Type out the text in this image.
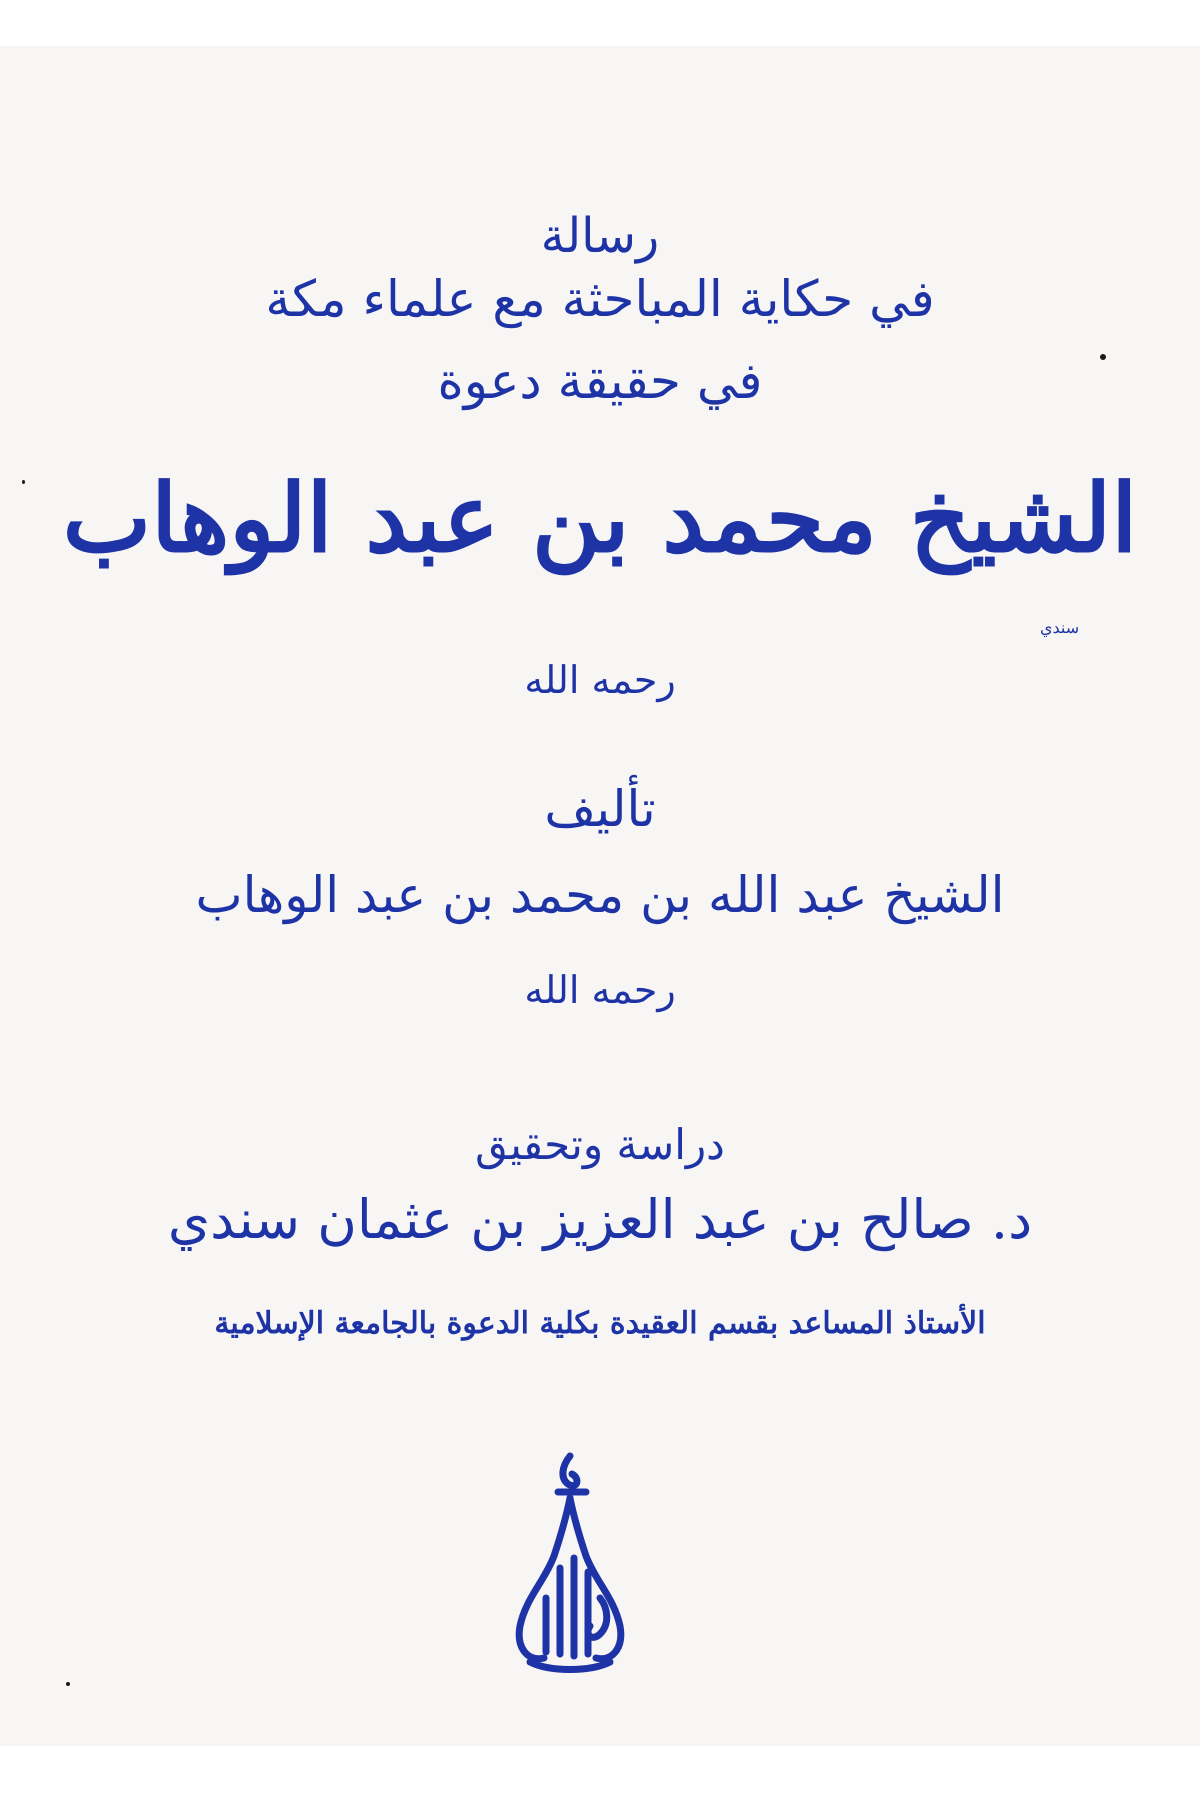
رسالة
في حكاية المباحثة مع علماء مكة
في حقيقة دعوة
الشيخ محمد بن عبد الوهاب
سندي
رحمه الله
تأليف
الشيخ عبد الله بن محمد بن عبد الوهاب
رحمه الله
دراسة وتحقيق
د. صالح بن عبد العزيز بن عثمان سندي
الأستاذ المساعد بقسم العقيدة بكلية الدعوة بالجامعة الإسلامية
